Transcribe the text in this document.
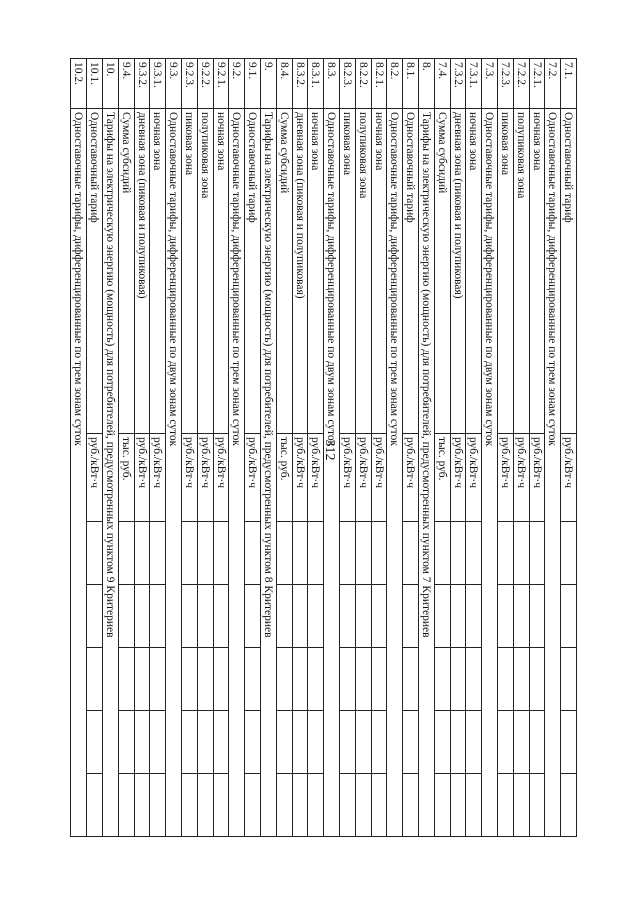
312
7.1.	Одноставочный тариф	руб./кВт·ч					
7.2.	Одноставочные тарифы, дифференцированные по трем зонам суток						
7.2.1.	ночная зона	руб./кВт·ч					
7.2.2.	полупиковая зона	руб./кВт·ч					
7.2.3.	пиковая зона	руб./кВт·ч					
7.3.	Одноставочные тарифы, дифференцированные по двум зонам суток						
7.3.1.	ночная зона	руб./кВт·ч					
7.3.2.	дневная зона (пиковая и полупиковая)	руб./кВт·ч					
7.4.	Сумма субсидий	тыс. руб.					
8.	Тарифы на электрическую энергию (мощность) для потребителей, предусмотренных пунктом 7 Критериев						
8.1.	Одноставочный тариф	руб./кВт·ч					
8.2.	Одноставочные тарифы, дифференцированные по трем зонам суток						
8.2.1.	ночная зона	руб./кВт·ч					
8.2.2.	полупиковая зона	руб./кВт·ч					
8.2.3.	пиковая зона	руб./кВт·ч					
8.3.	Одноставочные тарифы, дифференцированные по двум зонам суток						
8.3.1.	ночная зона	руб./кВт·ч					
8.3.2.	дневная зона (пиковая и полупиковая)	руб./кВт·ч					
8.4.	Сумма субсидий	тыс. руб.					
9.	Тарифы на электрическую энергию (мощность) для потребителей, предусмотренных пунктом 8 Критериев						
9.1.	Одноставочный тариф	руб./кВт·ч					
9.2.	Одноставочные тарифы, дифференцированные по трем зонам суток						
9.2.1.	ночная зона	руб./кВт·ч					
9.2.2.	полупиковая зона	руб./кВт·ч					
9.2.3.	пиковая зона	руб./кВт·ч					
9.3.	Одноставочные тарифы, дифференцированные по двум зонам суток						
9.3.1.	ночная зона	руб./кВт·ч					
9.3.2.	дневная зона (пиковая и полупиковая)	руб./кВт·ч					
9.4.	Сумма субсидий	тыс. руб.					
10.	Тарифы на электрическую энергию (мощность) для потребителей, предусмотренных пунктом 9 Критериев						
10.1.	Одноставочный тариф	руб./кВт·ч					
10.2.	Одноставочные тарифы, дифференцированные по трем зонам суток						
